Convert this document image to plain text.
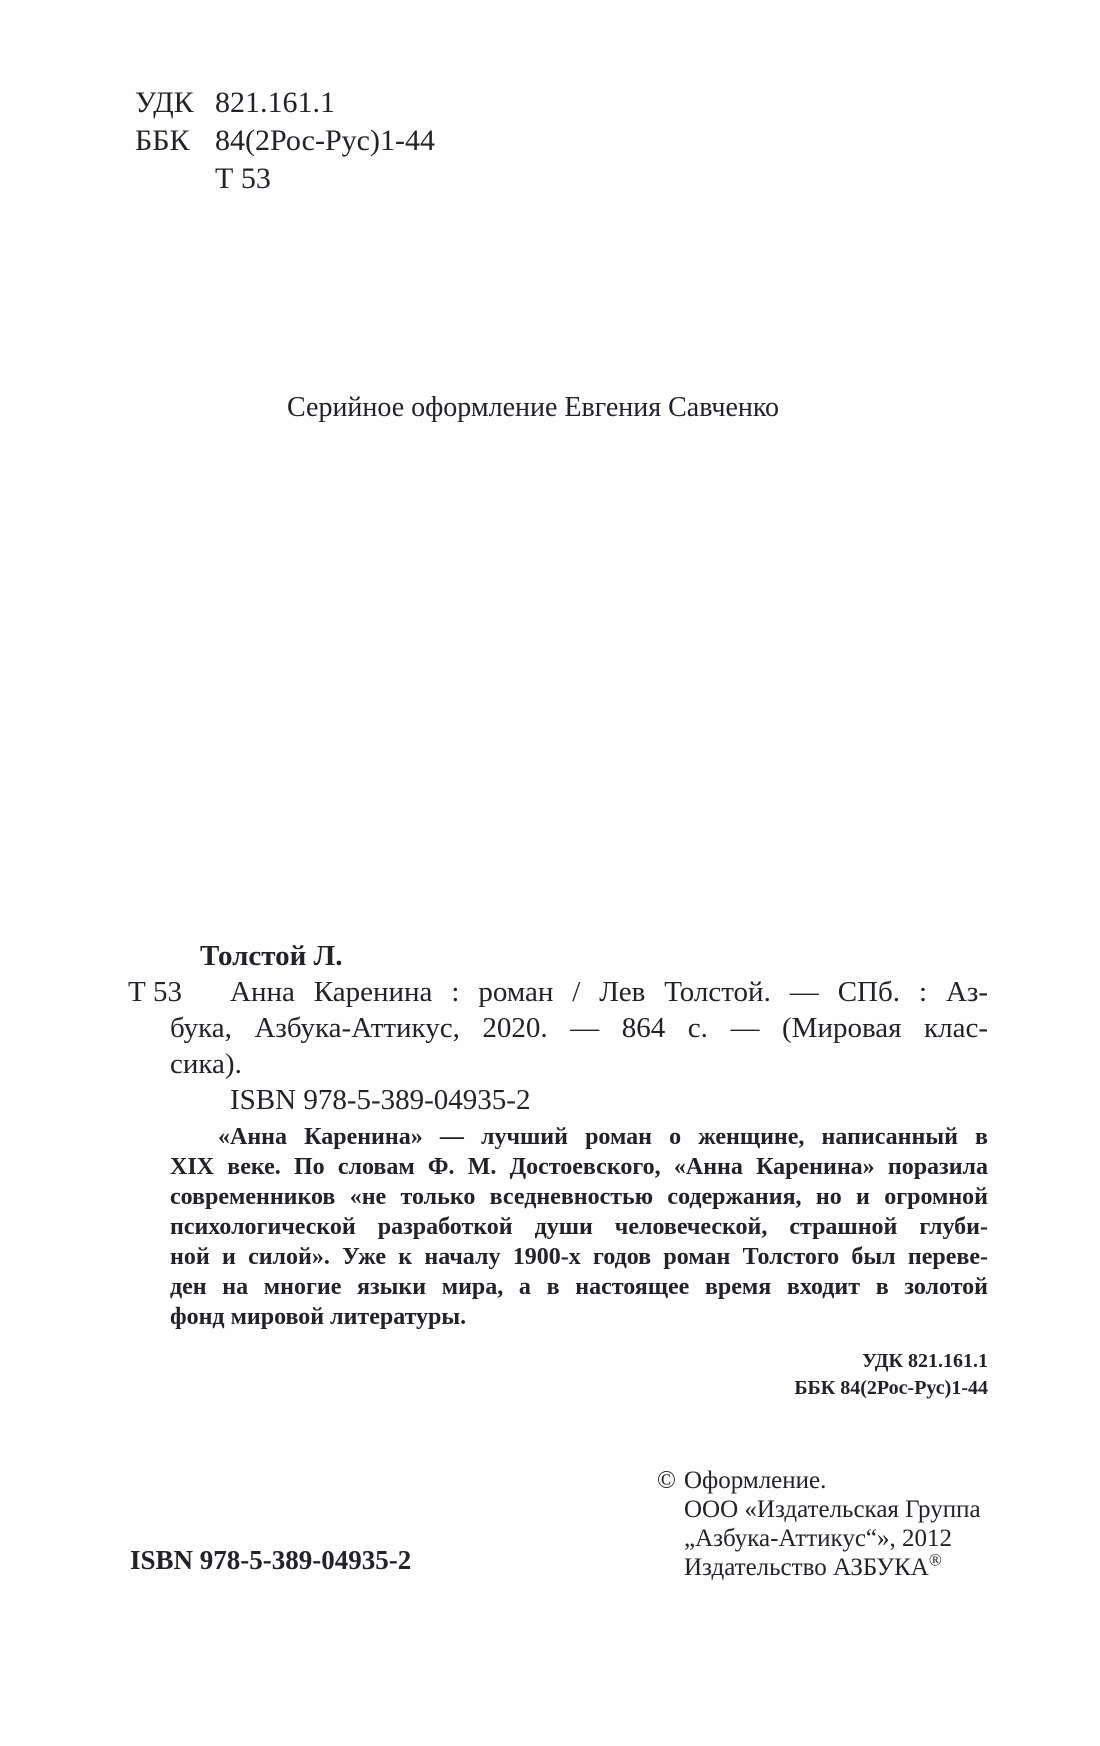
УДК 821.161.1
ББК 84(2Рос-Рус)1-44
Т 53
Серийное оформление Евгения Савченко
Т 53
Толстой Л.
Анна Каренина : роман / Лев Толстой. — СПб. : Аз-
бука, Азбука-Аттикус, 2020. — 864 с. — (Мировая клас-
сика).
ISBN 978-5-389-04935-2
«Анна Каренина» — лучший роман о женщине, написанный в
XIX веке. По словам Ф. М. Достоевского, «Анна Каренина» поразила
современников «не только вседневностью содержания, но и огромной
психологической разработкой души человеческой, страшной глуби-
ной и силой». Уже к началу 1900-х годов роман Толстого был переве-
ден на многие языки мира, а в настоящее время входит в золотой
фонд мировой литературы.
УДК 821.161.1
ББК 84(2Рос-Рус)1-44
© Оформление.
ООО «Издательская Группа
„Азбука-Аттикус“», 2012
Издательство АЗБУКА®
ISBN 978-5-389-04935-2
